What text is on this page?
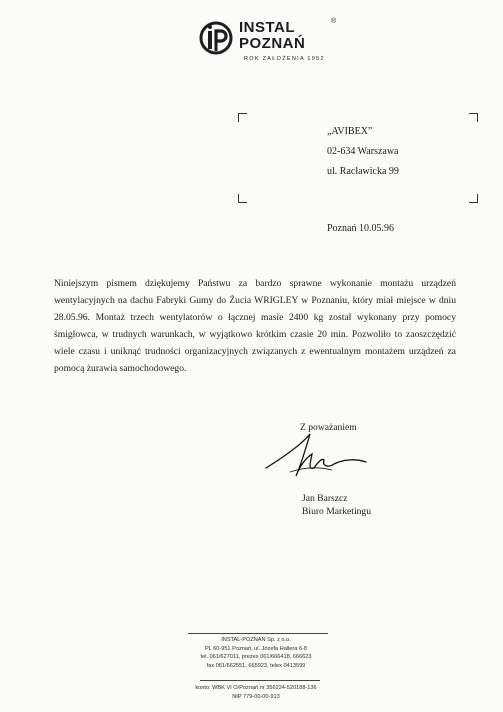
INSTAL
POZNAŃ
®
ROK ZAŁOŻENIA 1952
„AVIBEX”
02-634 Warszawa
ul. Racławicka 99
Poznań 10.05.96
Niniejszym pismem dziękujemy Państwu za bardzo sprawne wykonanie montażu urządzeń wentylacyjnych na dachu Fabryki Gumy do Żucia WRIGLEY w Poznaniu, który miał miejsce w dniu 28.05.96. Montaż trzech wentylatorów o łącznej masie 2400 kg został wykonany przy pomocy śmigłowca, w trudnych warunkach, w wyjątkowo krótkim czasie 20 min. Pozwoliło to zaoszczędzić wiele czasu i uniknąć trudności organizacyjnych związanych z ewentualnym montażem urządzeń za pomocą żurawia samochodowego.
Z poważaniem
Jan Barszcz
Biuro Marketingu
INSTAL-POZNAŃ Sp. z o.o.
PL 60-951 Poznań, ul. Józefa Hallera 6-8
tel. 061/627011, prezes 061/666418, 666623
fax 061/662551, 665923, telex 0413599
konto: WBK VI O/Poznań nr 356224-520188-136
NIP 779-00-00-913
